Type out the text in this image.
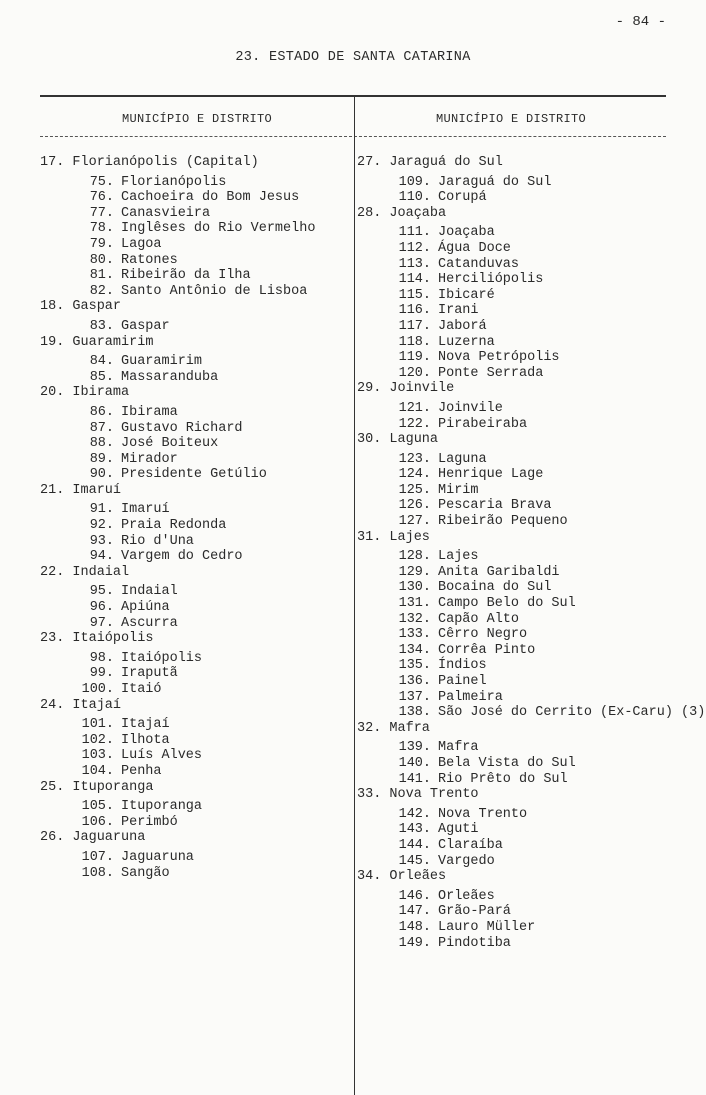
- 84 -
23. ESTADO DE SANTA CATARINA
MUNICÍPIO E DISTRITO	MUNICÍPIO E DISTRITO
17. Florianópolis (Capital)
75. Florianópolis
76. Cachoeira do Bom Jesus
77. Canasvieira
78. Inglêses do Rio Vermelho
79. Lagoa
80. Ratones
81. Ribeirão da Ilha
82. Santo Antônio de Lisboa
18. Gaspar
83. Gaspar
19. Guaramirim
84. Guaramirim
85. Massaranduba
20. Ibirama
86. Ibirama
87. Gustavo Richard
88. José Boiteux
89. Mirador
90. Presidente Getúlio
21. Imaruí
91. Imaruí
92. Praia Redonda
93. Rio d'Una
94. Vargem do Cedro
22. Indaial
95. Indaial
96. Apiúna
97. Ascurra
23. Itaiópolis
98. Itaiópolis
99. Iraputã
100. Itaió
24. Itajaí
101. Itajaí
102. Ilhota
103. Luís Alves
104. Penha
25. Ituporanga
105. Ituporanga
106. Perimbó
26. Jaguaruna
107. Jaguaruna
108. Sangão
27. Jaraguá do Sul
109. Jaraguá do Sul
110. Corupá
28. Joaçaba
111. Joaçaba
112. Água Doce
113. Catanduvas
114. Herciliópolis
115. Ibicaré
116. Irani
117. Jaborá
118. Luzerna
119. Nova Petrópolis
120. Ponte Serrada
29. Joinvile
121. Joinvile
122. Pirabeiraba
30. Laguna
123. Laguna
124. Henrique Lage
125. Mirim
126. Pescaria Brava
127. Ribeirão Pequeno
31. Lajes
128. Lajes
129. Anita Garibaldi
130. Bocaina do Sul
131. Campo Belo do Sul
132. Capão Alto
133. Cêrro Negro
134. Corrêa Pinto
135. Índios
136. Painel
137. Palmeira
138. São José do Cerrito (Ex-Caru) (3)
32. Mafra
139. Mafra
140. Bela Vista do Sul
141. Rio Prêto do Sul
33. Nova Trento
142. Nova Trento
143. Aguti
144. Claraíba
145. Vargedo
34. Orleães
146. Orleães
147. Grão-Pará
148. Lauro Müller
149. Pindotiba
